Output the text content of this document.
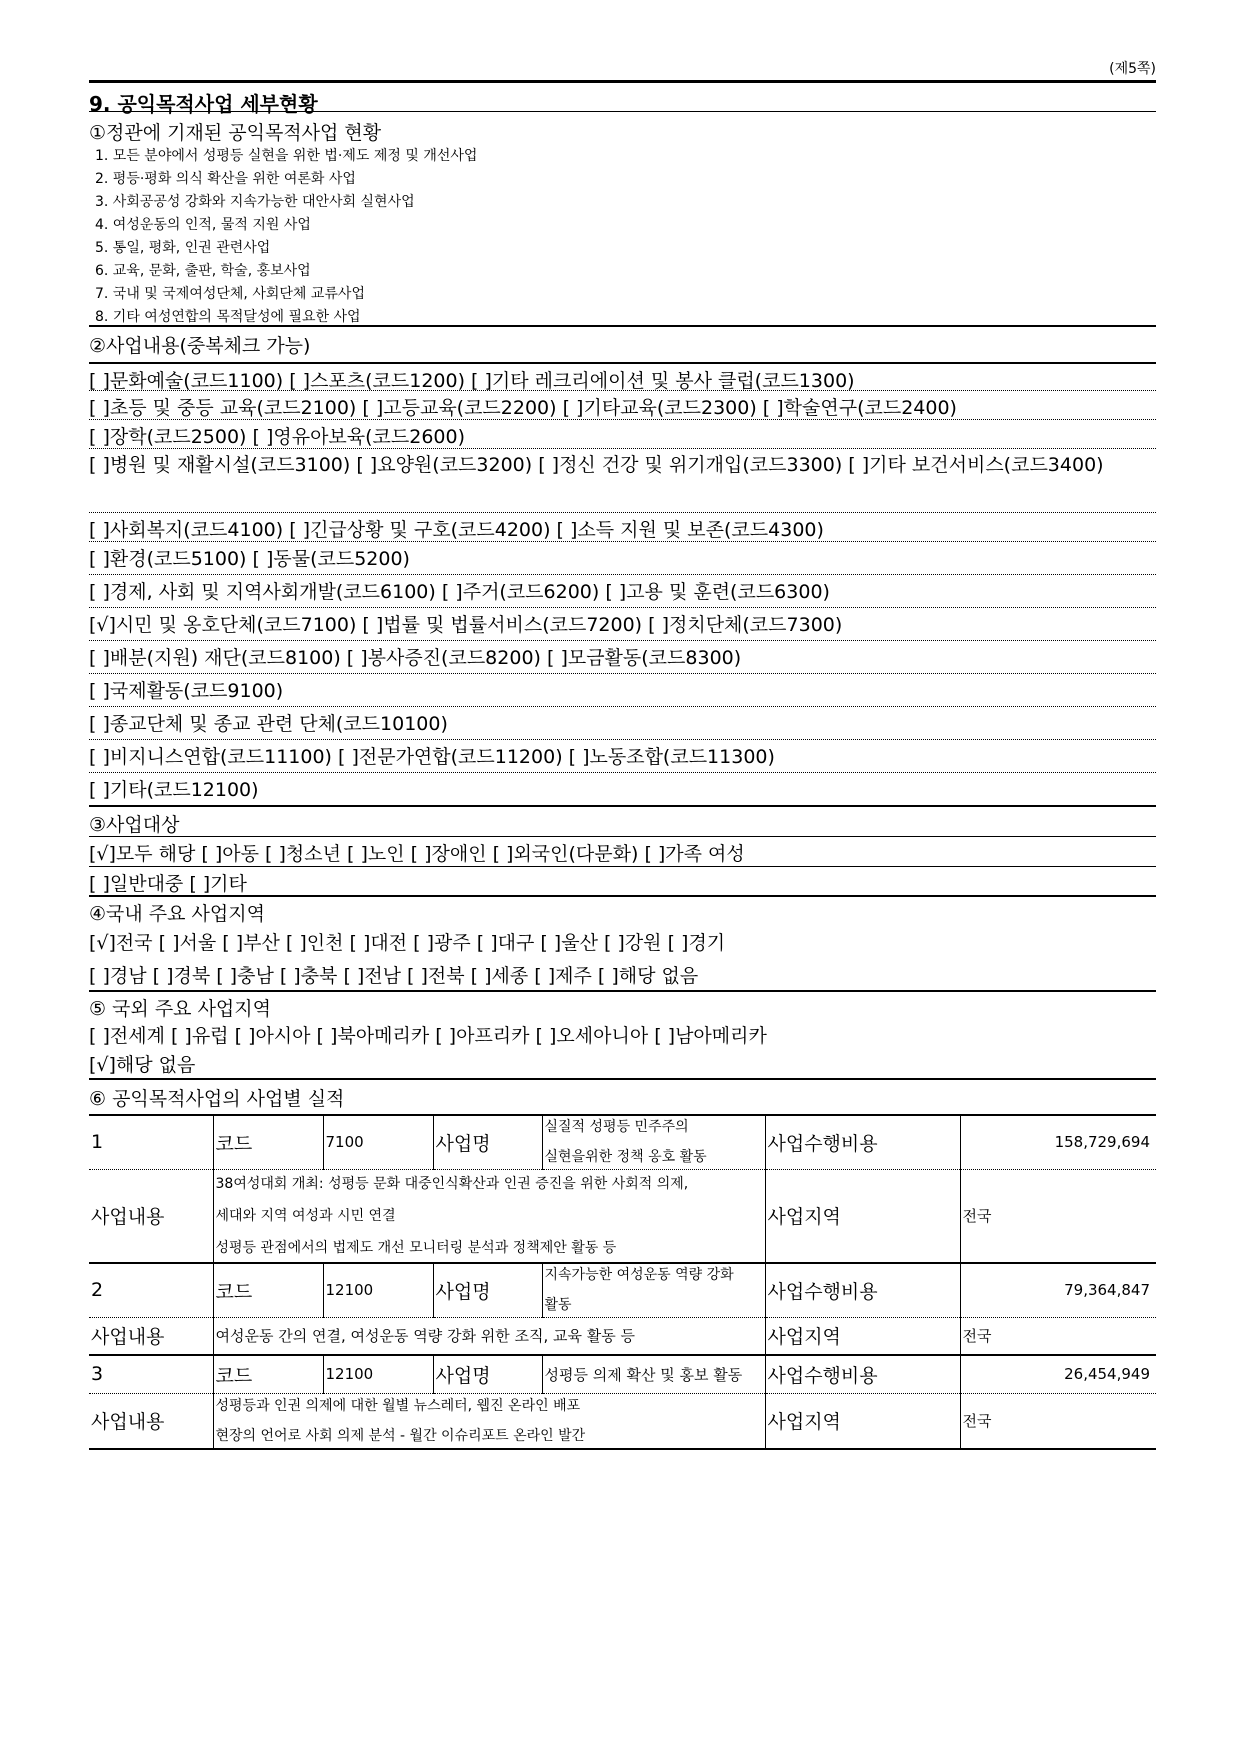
(제5쪽)
9. 공익목적사업 세부현황
①정관에 기재된 공익목적사업 현황
1. 모든 분야에서 성평등 실현을 위한 법·제도 제정 및 개선사업
2. 평등·평화 의식 확산을 위한 여론화 사업
3. 사회공공성 강화와 지속가능한 대안사회 실현사업
4. 여성운동의 인적, 물적 지원 사업
5. 통일, 평화, 인권 관련사업
6. 교육, 문화, 출판, 학술, 홍보사업
7. 국내 및 국제여성단체, 사회단체 교류사업
8. 기타 여성연합의 목적달성에 필요한 사업
②사업내용(중복체크 가능)
[ ]문화예술(코드1100) [ ]스포츠(코드1200) [ ]기타 레크리에이션 및 봉사 클럽(코드1300)
[ ]초등 및 중등 교육(코드2100) [ ]고등교육(코드2200) [ ]기타교육(코드2300) [ ]학술연구(코드2400)
[ ]장학(코드2500) [ ]영유아보육(코드2600)
[ ]병원 및 재활시설(코드3100) [ ]요양원(코드3200) [ ]정신 건강 및 위기개입(코드3300) [ ]기타 보건서비스(코드3400)
[ ]사회복지(코드4100) [ ]긴급상황 및 구호(코드4200) [ ]소득 지원 및 보존(코드4300)
[ ]환경(코드5100) [ ]동물(코드5200)
[ ]경제, 사회 및 지역사회개발(코드6100) [ ]주거(코드6200) [ ]고용 및 훈련(코드6300)
[√]시민 및 옹호단체(코드7100) [ ]법률 및 법률서비스(코드7200) [ ]정치단체(코드7300)
[ ]배분(지원) 재단(코드8100) [ ]봉사증진(코드8200) [ ]모금활동(코드8300)
[ ]국제활동(코드9100)
[ ]종교단체 및 종교 관련 단체(코드10100)
[ ]비지니스연합(코드11100) [ ]전문가연합(코드11200) [ ]노동조합(코드11300)
[ ]기타(코드12100)
③사업대상
[√]모두 해당 [ ]아동 [ ]청소년 [ ]노인 [ ]장애인 [ ]외국인(다문화) [ ]가족 여성
[ ]일반대중 [ ]기타
④국내 주요 사업지역
[√]전국 [ ]서울 [ ]부산 [ ]인천 [ ]대전 [ ]광주 [ ]대구 [ ]울산 [ ]강원 [ ]경기
[ ]경남 [ ]경북 [ ]충남 [ ]충북 [ ]전남 [ ]전북 [ ]세종 [ ]제주 [ ]해당 없음
⑤ 국외 주요 사업지역
[ ]전세계 [ ]유럽 [ ]아시아 [ ]북아메리카 [ ]아프리카 [ ]오세아니아 [ ]남아메리카
[√]해당 없음
⑥ 공익목적사업의 사업별 실적
1	코드	7100	사업명	실질적 성평등 민주주의
실현을위한 정책 옹호 활동	사업수행비용	158,729,694
사업내용	38여성대회 개최: 성평등 문화 대중인식확산과 인권 증진을 위한 사회적 의제,
세대와 지역 여성과 시민 연결
성평등 관점에서의 법제도 개선 모니터링 분석과 정책제안 활동 등				사업지역	전국
2	코드	12100	사업명	지속가능한 여성운동 역량 강화
활동	사업수행비용	79,364,847
사업내용	여성운동 간의 연결, 여성운동 역량 강화 위한 조직, 교육 활동 등				사업지역	전국
3	코드	12100	사업명	성평등 의제 확산 및 홍보 활동	사업수행비용	26,454,949
사업내용	성평등과 인권 의제에 대한 월별 뉴스레터, 웹진 온라인 배포
현장의 언어로 사회 의제 분석 - 월간 이슈리포트 온라인 발간				사업지역	전국
